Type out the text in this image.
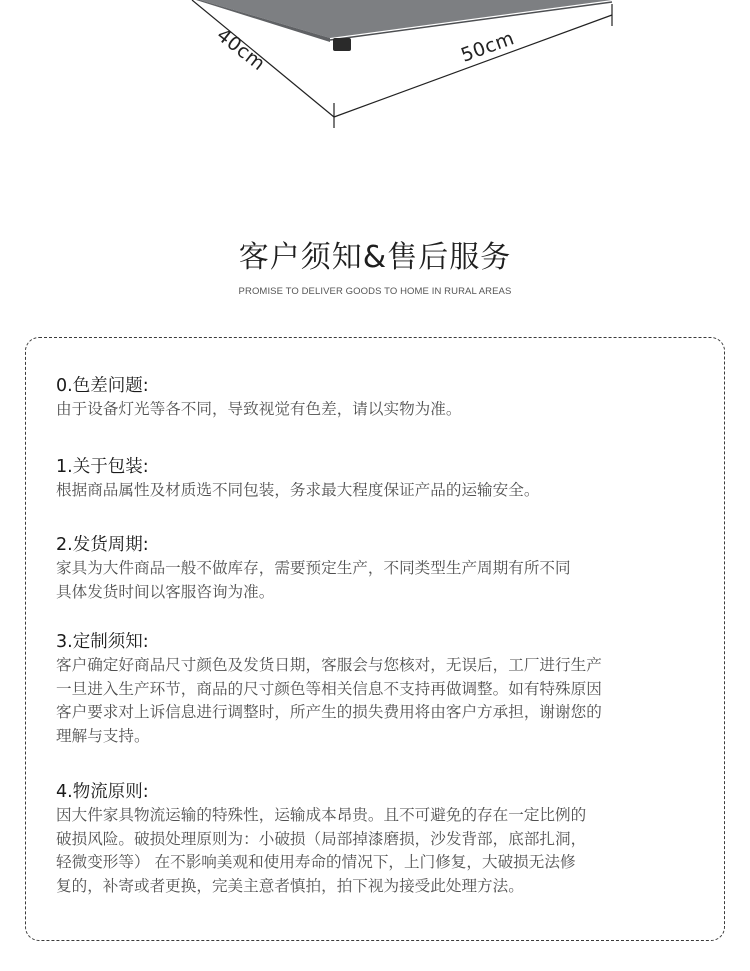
40cm	50cm
客户须知&售后服务
PROMISE TO DELIVER GOODS TO HOME IN RURAL AREAS
0.色差问题:

由于设备灯光等各不同，导致视觉有色差，请以实物为准。

1.关于包装:

根据商品属性及材质选不同包装，务求最大程度保证产品的运输安全。

2.发货周期:

家具为大件商品一般不做库存，需要预定生产，不同类型生产周期有所不同
具体发货时间以客服咨询为准。

3.定制须知:

客户确定好商品尺寸颜色及发货日期，客服会与您核对，无误后，工厂进行生产
一旦进入生产环节，商品的尺寸颜色等相关信息不支持再做调整。如有特殊原因
客户要求对上诉信息进行调整时，所产生的损失费用将由客户方承担，谢谢您的
理解与支持。

4.物流原则:

因大件家具物流运输的特殊性，运输成本昂贵。且不可避免的存在一定比例的
破损风险。破损处理原则为：小破损（局部掉漆磨损，沙发背部，底部扎洞，
轻微变形等） 在不影响美观和使用寿命的情况下，上门修复，大破损无法修
复的，补寄或者更换，完美主意者慎拍，拍下视为接受此处理方法。
